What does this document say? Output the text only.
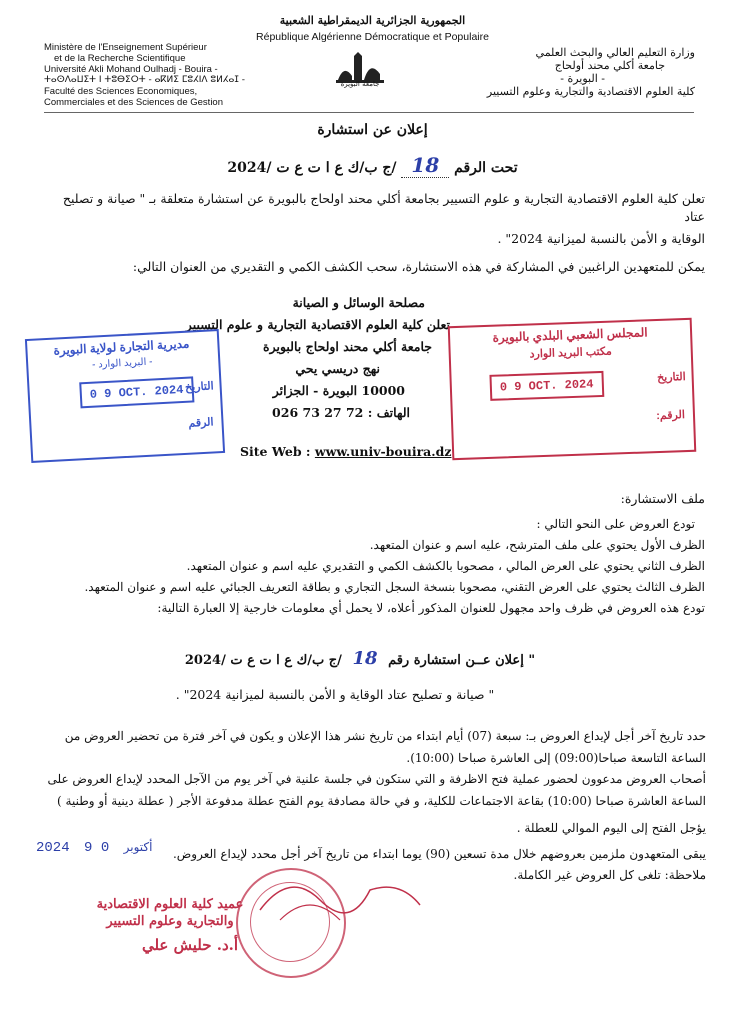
الجمهورية الجزائرية الديمقراطية الشعبية
République Algérienne Démocratique et Populaire
Ministère de l'Enseignement Supérieur
et de la Recherche Scientifique
Université Akli Mohand Oulhadj - Bouira -
ⵜⴰⵙⴷⴰⵡⵉⵜ ⵏ ⵜⵓⴱⵉⵔⵜ - ⴰⴽⵍⵉ ⵎⵓⵃⵏⴷ ⵓⵍⵃⴰⵊ -
Faculté des Sciences Economiques,
Commerciales et des Sciences de Gestion
جامعة البويرة
وزارة التعليم العالي والبحث العلمي
جامعة أكلي محند أولحاج
- البويرة -
كلية العلوم الاقتصادية والتجارية وعلوم التسيير
إعلان عن استشارة
تحت الرقم 18 /ج ب/ك ع ا ت ع ت /2024
تعلن كلية العلوم الاقتصادية التجارية و علوم التسيير بجامعة أكلي محند اولحاج بالبويرة عن استشارة متعلقة بـ " صيانة و تصليح عتاد
الوقاية و الأمن بالنسبة لميزانية 2024" .
يمكن للمتعهدين الراغبين في المشاركة في هذه الاستشارة، سحب الكشف الكمي و التقديري من العنوان التالي:
مصلحة الوسائل و الصيانة
تعلن كلية العلوم الاقتصادية التجارية و علوم التسيير
جامعة أكلي محند اولحاج بالبويرة
نهج دريسي يحي
10000 البويرة - الجزائر
الهاتف : 026 73 27 72
Site Web : www.univ-bouira.dz
مديرية التجارة لولاية البويرة
- البريد الوارد -
التاريخ
0 9 OCT. 2024
الرقم
المجلس الشعبي البلدي بالبويرة
مكتب البريد الوارد
التاريخ
0 9 OCT. 2024
الرقم:
ملف الاستشارة:
تودع العروض على النحو التالي :
الظرف الأول يحتوي على ملف المترشح، عليه اسم و عنوان المتعهد.
الظرف الثاني يحتوي على العرض المالي ، مصحوبا بالكشف الكمي و التقديري عليه اسم و عنوان المتعهد.
الظرف الثالث يحتوي على العرض التقني، مصحوبا بنسخة السجل التجاري و بطاقة التعريف الجبائي عليه اسم و عنوان المتعهد.
تودع هذه العروض في ظرف واحد مجهول للعنوان المذكور أعلاه، لا يحمل أي معلومات خارجية إلا العبارة التالية:
" إعلان عــن استشارة رقم 18 /ج ب/ك ع ا ت ع ت /2024
" صيانة و تصليح عتاد الوقاية و الأمن بالنسبة لميزانية 2024" .
حدد تاريخ آخر أجل لإيداع العروض بـ: سبعة (07) أيام ابتداء من تاريخ نشر هذا الإعلان و يكون في آخر فترة من تحضير العروض من
الساعة التاسعة صباحا(09:00) إلى العاشرة صباحا (10:00).
أصحاب العروض مدعوون لحضور عملية فتح الاظرفة و التي ستكون في جلسة علنية في آخر يوم من الآجل المحدد لإيداع العروض على
الساعة العاشرة صباحا (10:00) بقاعة الاجتماعات للكلية، و في حالة مصادفة يوم الفتح عطلة مدفوعة الأجر ( عطلة دينية أو وطنية )
يؤجل الفتح إلى اليوم الموالي للعطلة .
يبقى المتعهدون ملزمين بعروضهم خلال مدة تسعين (90) يوما ابتداء من تاريخ آخر أجل محدد لإيداع العروض.
ملاحظة: تلغى كل العروض غير الكاملة.
2024	أكتوبر 0 9
عميد كلية العلوم الاقتصادية
والتجارية وعلوم التسيير
أ.د. حليش علي
